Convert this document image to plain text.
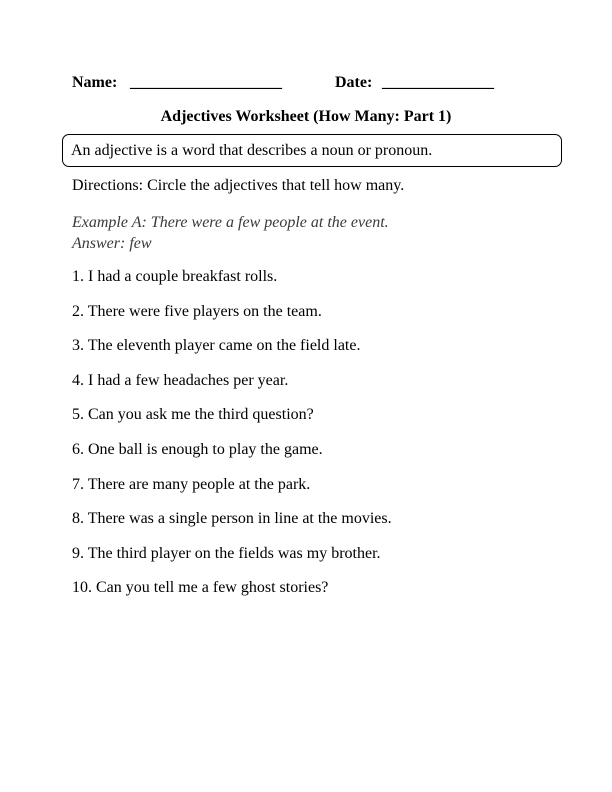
Name: ___________________	Date: ______________
Adjectives Worksheet (How Many: Part 1)
An adjective is a word that describes a noun or pronoun.
Directions: Circle the adjectives that tell how many.
Example A: There were a few people at the event.
Answer: few
1. I had a couple breakfast rolls.
2. There were five players on the team.
3. The eleventh player came on the field late.
4. I had a few headaches per year.
5. Can you ask me the third question?
6. One ball is enough to play the game.
7. There are many people at the park.
8. There was a single person in line at the movies.
9. The third player on the fields was my brother.
10. Can you tell me a few ghost stories?
